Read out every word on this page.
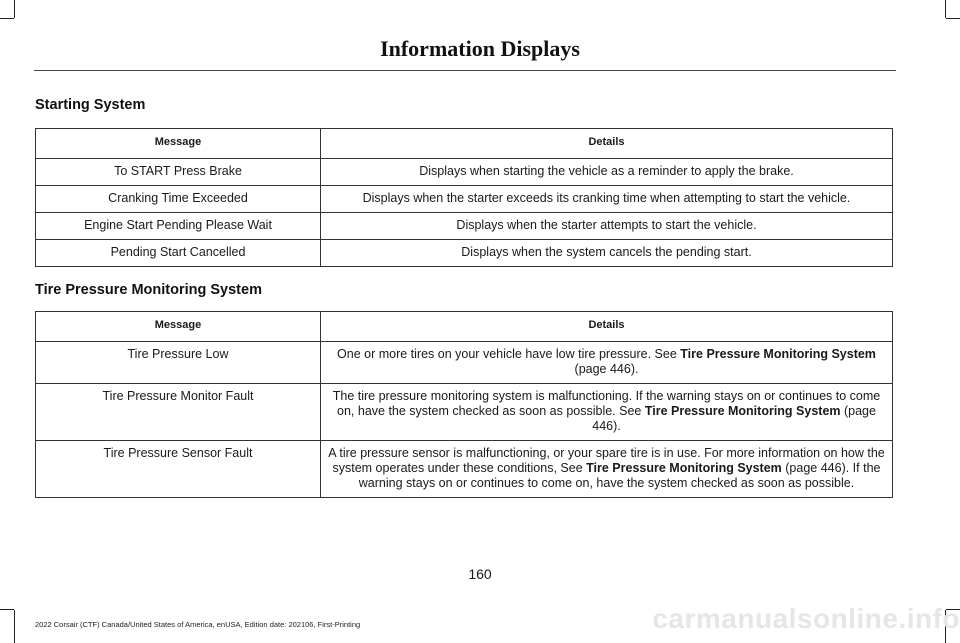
Information Displays
Starting System
Message	Details
To START Press Brake	Displays when starting the vehicle as a reminder to apply the brake.
Cranking Time Exceeded	Displays when the starter exceeds its cranking time when attempting to start the vehicle.
Engine Start Pending Please Wait	Displays when the starter attempts to start the vehicle.
Pending Start Cancelled	Displays when the system cancels the pending start.
Tire Pressure Monitoring System
Message	Details
Tire Pressure Low	One or more tires on your vehicle have low tire pressure. See Tire Pressure Monitoring System (page 446).
Tire Pressure Monitor Fault	The tire pressure monitoring system is malfunctioning. If the warning stays on or continues to come on, have the system checked as soon as possible. See Tire Pressure Monitoring System (page 446).
Tire Pressure Sensor Fault	A tire pressure sensor is malfunctioning, or your spare tire is in use. For more information on how the system operates under these conditions, See Tire Pressure Monitoring System (page 446). If the warning stays on or continues to come on, have the system checked as soon as possible.
160
2022 Corsair (CTF) Canada/United States of America, enUSA, Edition date: 202106, First-Printing	carmanualsonline.info
